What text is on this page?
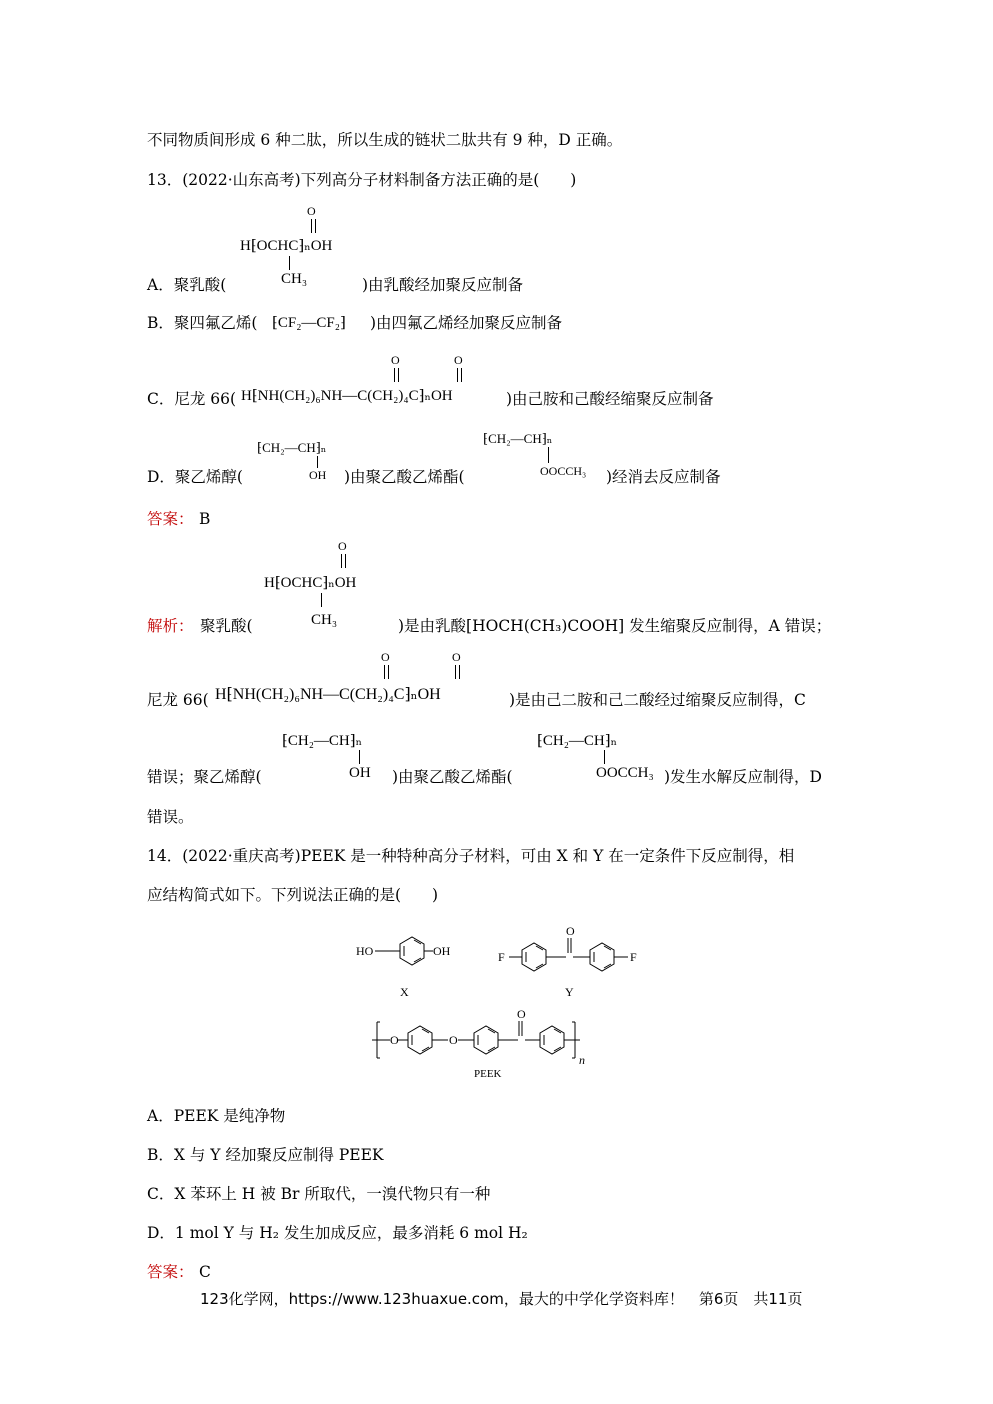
不同物质间形成 6 种二肽，所以生成的链状二肽共有 9 种，D 正确。
13．(2022·山东高考)下列高分子材料制备方法正确的是(　　)
O
H⁅OCHC⁆ₙOH
CH₃
A．聚乳酸(	)由乳酸经加聚反应制备
B．聚四氟乙烯( ⁅CF₂—CF₂⁆ )由四氟乙烯经加聚反应制备
O	O
C．尼龙 66( H⁅NH(CH₂)₆NH—C(CH₂)₄C⁆ₙOH	)由己胺和己酸经缩聚反应制备
⁅CH₂—CH⁆ₙ
OH
⁅CH₂—CH⁆ₙ
OOCCH₃
D．聚乙烯醇(	)由聚乙酸乙烯酯(	)经消去反应制备
答案： B
O
H⁅OCHC⁆ₙOH
CH₃
解析： 聚乳酸(	)是由乳酸[HOCH(CH₃)COOH] 发生缩聚反应制得，A 错误；
O	O
尼龙 66( H⁅NH(CH₂)₆NH—C(CH₂)₄C⁆ₙOH	)是由己二胺和己二酸经过缩聚反应制得，C
⁅CH₂—CH⁆ₙ
OH
⁅CH₂—CH⁆ₙ
OOCCH₃
错误；聚乙烯醇(	)由聚乙酸乙烯酯(	)发生水解反应制得，D
错误。
14．(2022·重庆高考)PEEK 是一种特种高分子材料，可由 X 和 Y 在一定条件下反应制得，相
应结构简式如下。下列说法正确的是(　　)
HO	OH
X
F
O
F
Y
O	O
O
n
PEEK
A．PEEK 是纯净物
B．X 与 Y 经加聚反应制得 PEEK
C．X 苯环上 H 被 Br 所取代，一溴代物只有一种
D．1 mol Y 与 H₂ 发生加成反应，最多消耗 6 mol H₂
答案： C
123化学网，https://www.123huaxue.com，最大的中学化学资料库！　第6页　共11页
